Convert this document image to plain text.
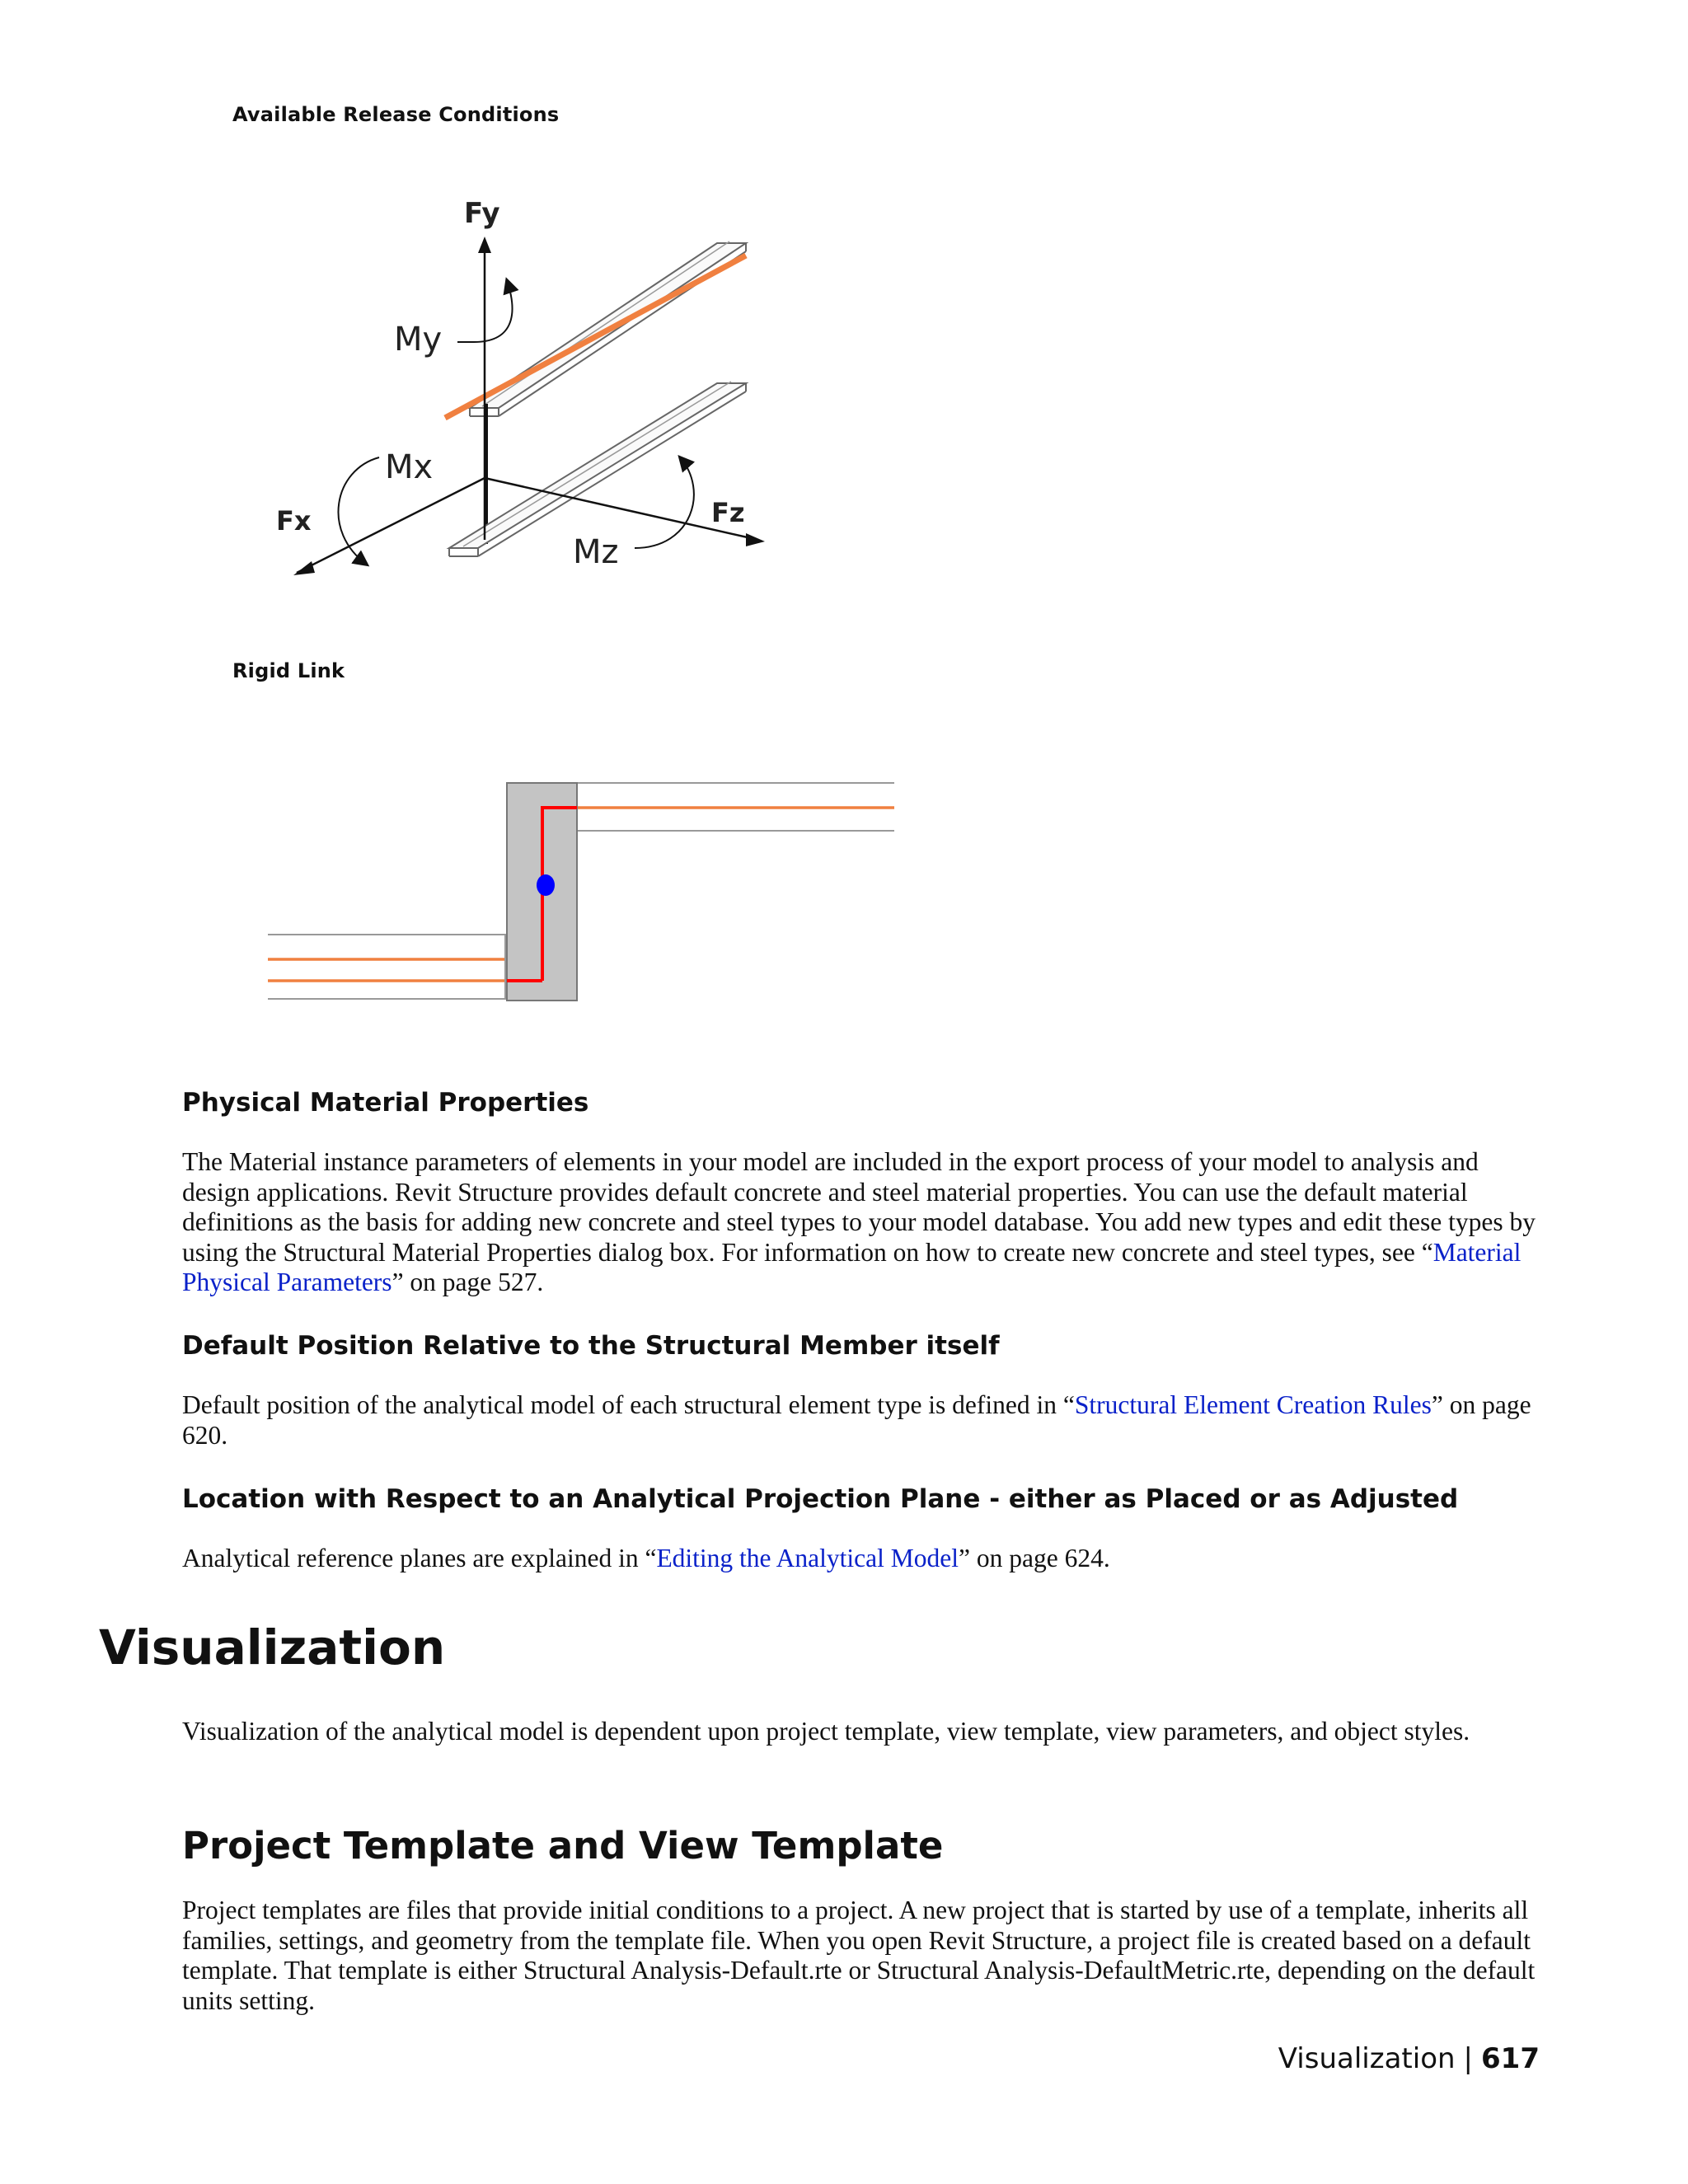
Available Release Conditions
Fy
My
Mx
Fx	Fz
Mz
Rigid Link
Physical Material Properties
The Material instance parameters of elements in your model are included in the export process of your model to analysis and design applications. Revit Structure provides default concrete and steel material properties. You can use the default material definitions as the basis for adding new concrete and steel types to your model database. You add new types and edit these types by using the Structural Material Properties dialog box. For information on how to create new concrete and steel types, see “Material Physical Parameters” on page 527.
Default Position Relative to the Structural Member itself
Default position of the analytical model of each structural element type is defined in “Structural Element Creation Rules” on page 620.
Location with Respect to an Analytical Projection Plane - either as Placed or as Adjusted
Analytical reference planes are explained in “Editing the Analytical Model” on page 624.
Visualization
Visualization of the analytical model is dependent upon project template, view template, view parameters, and object styles.
Project Template and View Template
Project templates are files that provide initial conditions to a project. A new project that is started by use of a template, inherits all families, settings, and geometry from the template file. When you open Revit Structure, a project file is created based on a default template. That template is either Structural Analysis-Default.rte or Structural Analysis-DefaultMetric.rte, depending on the default units setting.
Visualization | 617
